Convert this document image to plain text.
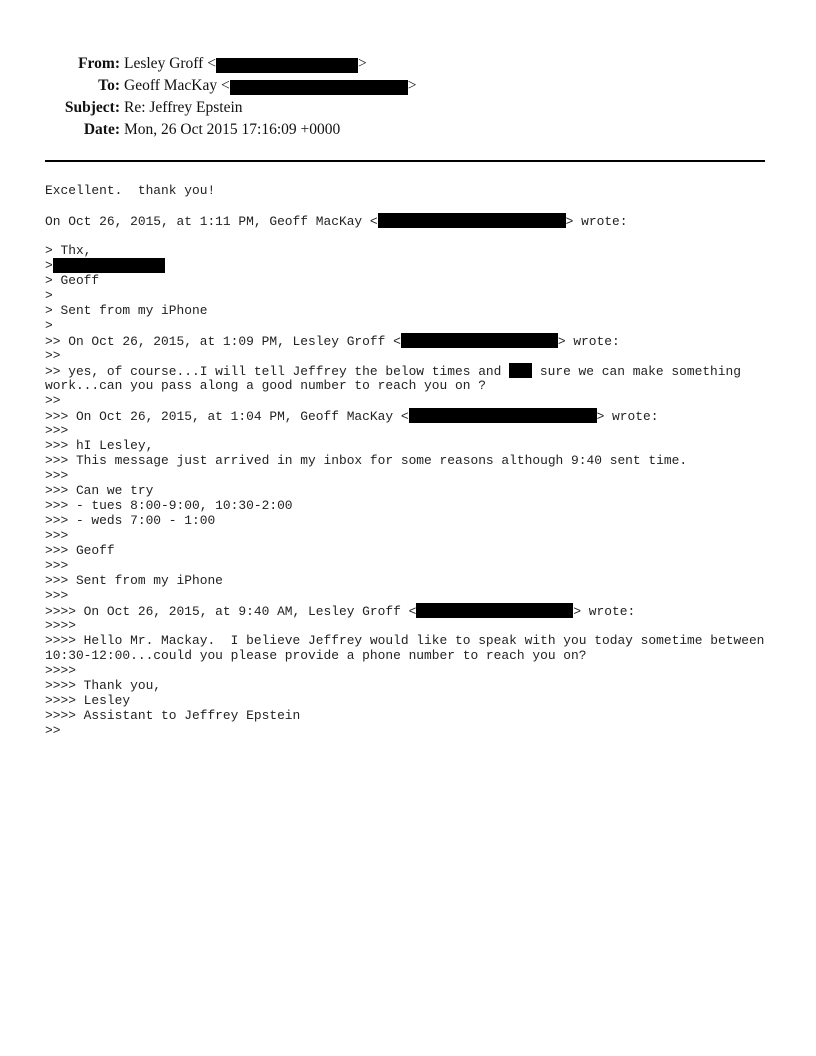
From: Lesley Groff <	>
To: Geoff MacKay <	>
Subject: Re: Jeffrey Epstein
Date: Mon, 26 Oct 2015 17:16:09 +0000
Excellent.  thank you!
On Oct 26, 2015, at 1:11 PM, Geoff MacKay <	> wrote:
> Thx,
>
> Geoff
>
> Sent from my iPhone
>
>> On Oct 26, 2015, at 1:09 PM, Lesley Groff <	> wrote:
>>
>> yes, of course...I will tell Jeffrey the below times and  sure we can make something
work...can you pass along a good number to reach you on ?
>>
>>> On Oct 26, 2015, at 1:04 PM, Geoff MacKay <	> wrote:
>>>
>>> hI Lesley,
>>> This message just arrived in my inbox for some reasons although 9:40 sent time.
>>>
>>> Can we try
>>> - tues 8:00-9:00, 10:30-2:00
>>> - weds 7:00 - 1:00
>>>
>>> Geoff
>>>
>>> Sent from my iPhone
>>>
>>>> On Oct 26, 2015, at 9:40 AM, Lesley Groff <	> wrote:
>>>>
>>>> Hello Mr. Mackay.  I believe Jeffrey would like to speak with you today sometime between
10:30-12:00...could you please provide a phone number to reach you on?
>>>>
>>>> Thank you,
>>>> Lesley
>>>> Assistant to Jeffrey Epstein
>>
